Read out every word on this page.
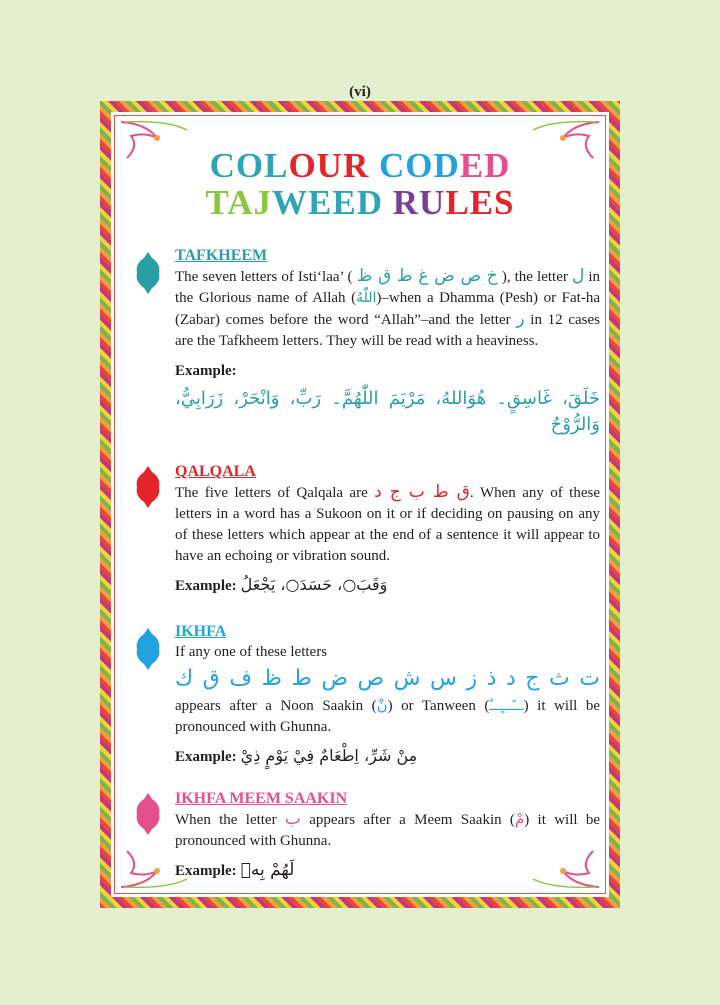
(vi)
COLOUR CODED
TAJWEED RULES

TAFKHEEM

The seven letters of Isti‘laa’ ( خ ص ض غ ط ق ظ ), the letter ل in the Glorious name of Allah (اللّٰهُ)–when a Dhamma (Pesh) or Fat-ha (Zabar) comes before the word “Allah”–and the letter ر in 12 cases are the Tafkheem letters. They will be read with a heaviness.

Example:
خَلَقَ، غَاسِقٍ۔ هُوَاللهُ، مَرْيَمَ اللّٰهُمَّ۔ رَبِّ، وَانْحَرْ، زَرَابِيُّ، وَالرُّوْحُ

QALQALA

The five letters of Qalqala are ق ط ب ج د. When any of these letters in a word has a Sukoon on it or if deciding on pausing on any of these letters which appear at the end of a sentence it will appear to have an echoing or vibration sound.

Example: وَقَبَ○، حَسَدَ○، يَجْعَلُ

IKHFA

If any one of these letters

ت ث ج د ذ ز س ش ص ض ط ظ ف ق ك

appears after a Noon Saakin (نْ) or Tanween (ـــًـــٍـــٌ) it will be pronounced with Ghunna.

Example: مِنْ شَرِّ، اِطْعَامٌ فِيْ يَوْمٍ ذِيْ

IKHFA MEEM SAAKIN

When the letter ب appears after a Meem Saakin (مْ) it will be pronounced with Ghunna.

Example: لَهُمْ بِهٖ
